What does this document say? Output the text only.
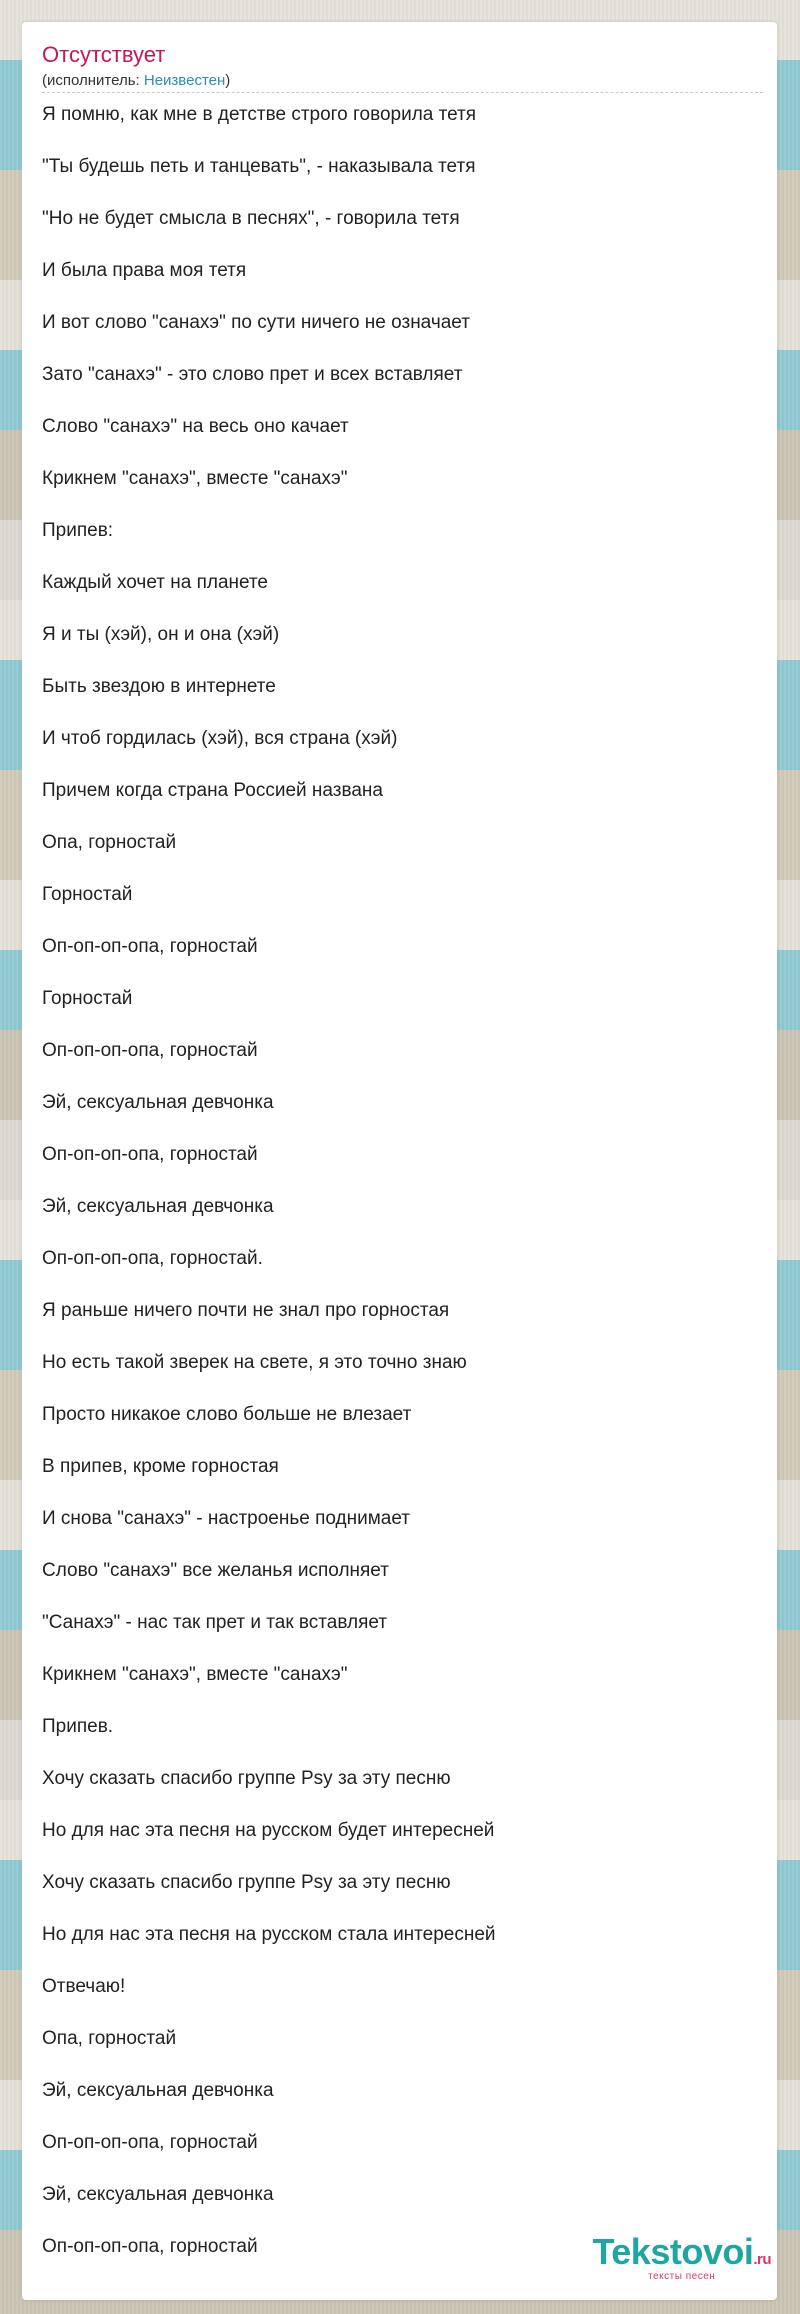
Отсутствует
(исполнитель: Неизвестен)
Я помню, как мне в детстве строго говорила тетя
"Ты будешь петь и танцевать", - наказывала тетя
"Но не будет смысла в песнях", - говорила тетя
И была права моя тетя
И вот слово "санахэ" по сути ничего не означает
Зато "санахэ" - это слово прет и всех вставляет
Слово "санахэ" на весь оно качает
Крикнем "санахэ", вместе "санахэ"
Припев:
Каждый хочет на планете
Я и ты (хэй), он и она (хэй)
Быть звездою в интернете
И чтоб гордилась (хэй), вся страна (хэй)
Причем когда страна Россией названа
Опа, горностай
Горностай
Оп-оп-оп-опа, горностай
Горностай
Оп-оп-оп-опа, горностай
Эй, сексуальная девчонка
Оп-оп-оп-опа, горностай
Эй, сексуальная девчонка
Оп-оп-оп-опа, горностай.
Я раньше ничего почти не знал про горностая
Но есть такой зверек на свете, я это точно знаю
Просто никакое слово больше не влезает
В припев, кроме горностая
И снова "санахэ" - настроенье поднимает
Слово "санахэ" все желанья исполняет
"Санахэ" - нас так прет и так вставляет
Крикнем "санахэ", вместе "санахэ"
Припев.
Хочу сказать спасибо группе Psy за эту песню
Но для нас эта песня на русском будет интересней
Хочу сказать спасибо группе Psy за эту песню
Но для нас эта песня на русском стала интересней
Отвечаю!
Опа, горностай
Эй, сексуальная девчонка
Оп-оп-оп-опа, горностай
Эй, сексуальная девчонка
Оп-оп-оп-опа, горностай	Tekstovoi.ru
тексты песен
